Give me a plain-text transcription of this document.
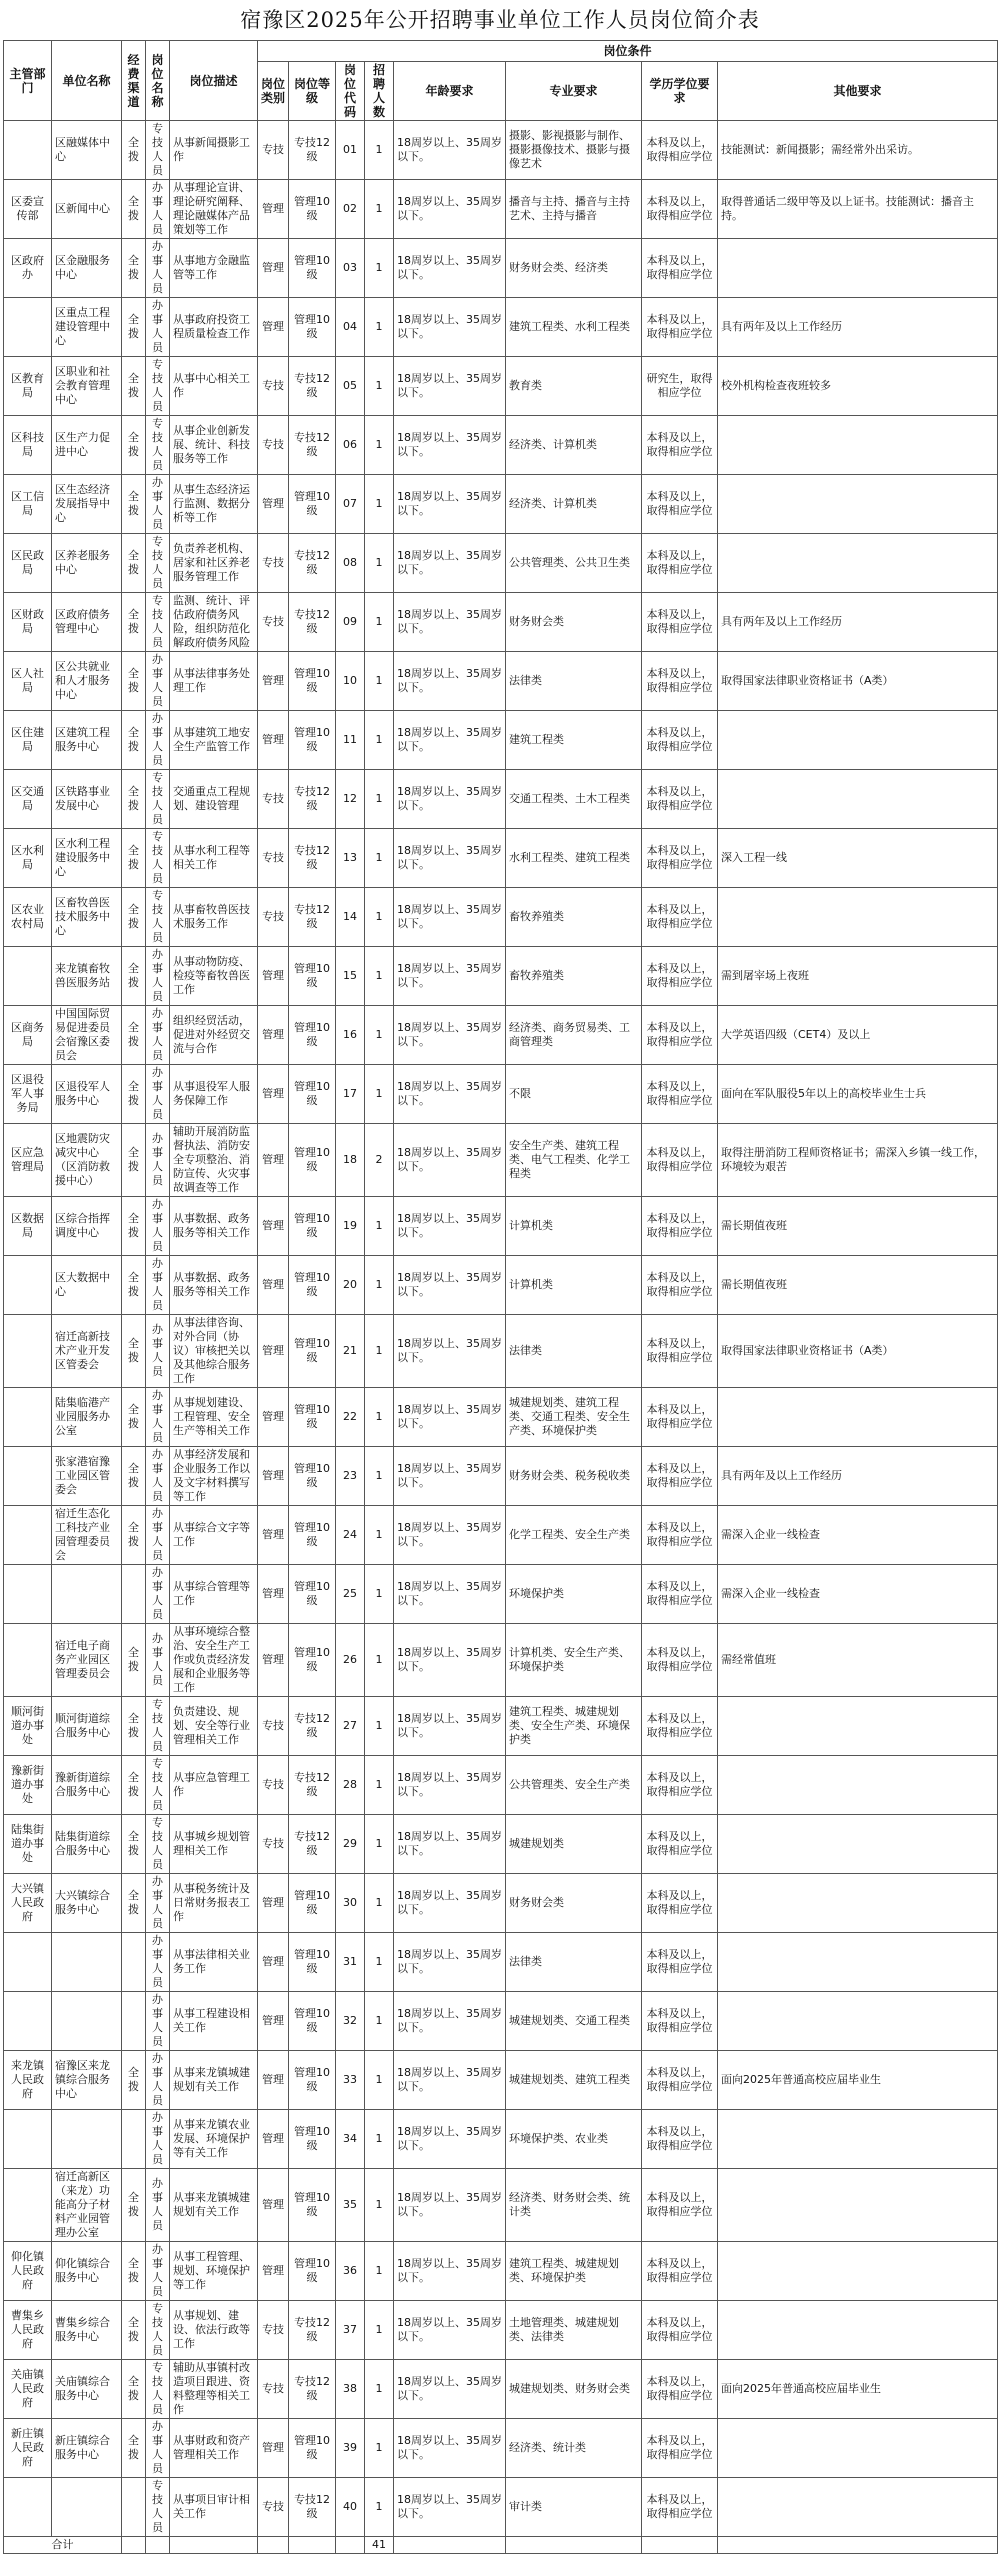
宿豫区2025年公开招聘事业单位工作人员岗位简介表
主管部门	单位名称	经费渠道	岗位名称	岗位描述	岗位条件							
					岗位类别	岗位等级	岗位代码	招聘人数	年龄要求	专业要求	学历学位要求	其他要求
	区融媒体中心	全拨	专技人员	从事新闻摄影工作	专技	专技12级	01	1	18周岁以上、35周岁以下。	摄影、影视摄影与制作、摄影摄像技术、摄影与摄像艺术	本科及以上，取得相应学位	技能测试：新闻摄影；需经常外出采访。
区委宣传部	区新闻中心	全拨	办事人员	从事理论宣讲、理论研究阐释、理论融媒体产品策划等工作	管理	管理10级	02	1	18周岁以上、35周岁以下。	播音与主持、播音与主持艺术、主持与播音	本科及以上，取得相应学位	取得普通话二级甲等及以上证书。技能测试：播音主持。
区政府办	区金融服务中心	全拨	办事人员	从事地方金融监管等工作	管理	管理10级	03	1	18周岁以上、35周岁以下。	财务财会类、经济类	本科及以上，取得相应学位	
	区重点工程建设管理中心	全拨	办事人员	从事政府投资工程质量检查工作	管理	管理10级	04	1	18周岁以上、35周岁以下。	建筑工程类、水利工程类	本科及以上，取得相应学位	具有两年及以上工作经历
区教育局	区职业和社会教育管理中心	全拨	专技人员	从事中心相关工作	专技	专技12级	05	1	18周岁以上、35周岁以下。	教育类	研究生，取得相应学位	校外机构检查夜班较多
区科技局	区生产力促进中心	全拨	专技人员	从事企业创新发展、统计、科技服务等工作	专技	专技12级	06	1	18周岁以上、35周岁以下。	经济类、计算机类	本科及以上，取得相应学位	
区工信局	区生态经济发展指导中心	全拨	办事人员	从事生态经济运行监测、数据分析等工作	管理	管理10级	07	1	18周岁以上、35周岁以下。	经济类、计算机类	本科及以上，取得相应学位	
区民政局	区养老服务中心	全拨	专技人员	负责养老机构、居家和社区养老服务管理工作	专技	专技12级	08	1	18周岁以上、35周岁以下。	公共管理类、公共卫生类	本科及以上，取得相应学位	
区财政局	区政府债务管理中心	全拨	专技人员	监测、统计、评估政府债务风险，组织防范化解政府债务风险	专技	专技12级	09	1	18周岁以上、35周岁以下。	财务财会类	本科及以上，取得相应学位	具有两年及以上工作经历
区人社局	区公共就业和人才服务中心	全拨	办事人员	从事法律事务处理工作	管理	管理10级	10	1	18周岁以上、35周岁以下。	法律类	本科及以上，取得相应学位	取得国家法律职业资格证书（A类）
区住建局	区建筑工程服务中心	全拨	办事人员	从事建筑工地安全生产监管工作	管理	管理10级	11	1	18周岁以上、35周岁以下。	建筑工程类	本科及以上，取得相应学位	
区交通局	区铁路事业发展中心	全拨	专技人员	交通重点工程规划、建设管理	专技	专技12级	12	1	18周岁以上、35周岁以下。	交通工程类、土木工程类	本科及以上，取得相应学位	
区水利局	区水利工程建设服务中心	全拨	专技人员	从事水利工程等相关工作	专技	专技12级	13	1	18周岁以上、35周岁以下。	水利工程类、建筑工程类	本科及以上，取得相应学位	深入工程一线
区农业农村局	区畜牧兽医技术服务中心	全拨	专技人员	从事畜牧兽医技术服务工作	专技	专技12级	14	1	18周岁以上、35周岁以下。	畜牧养殖类	本科及以上，取得相应学位	
	来龙镇畜牧兽医服务站	全拨	办事人员	从事动物防疫、检疫等畜牧兽医工作	管理	管理10级	15	1	18周岁以上、35周岁以下。	畜牧养殖类	本科及以上，取得相应学位	需到屠宰场上夜班
区商务局	中国国际贸易促进委员会宿豫区委员会	全拨	办事人员	组织经贸活动，促进对外经贸交流与合作	管理	管理10级	16	1	18周岁以上、35周岁以下。	经济类、商务贸易类、工商管理类	本科及以上，取得相应学位	大学英语四级（CET4）及以上
区退役军人事务局	区退役军人服务中心	全拨	办事人员	从事退役军人服务保障工作	管理	管理10级	17	1	18周岁以上、35周岁以下。	不限	本科及以上，取得相应学位	面向在军队服役5年以上的高校毕业生士兵
区应急管理局	区地震防灾减灾中心（区消防救援中心）	全拨	办事人员	辅助开展消防监督执法、消防安全专项整治、消防宣传、火灾事故调查等工作	管理	管理10级	18	2	18周岁以上、35周岁以下。	安全生产类、建筑工程类、电气工程类、化学工程类	本科及以上，取得相应学位	取得注册消防工程师资格证书；需深入乡镇一线工作，环境较为艰苦
区数据局	区综合指挥调度中心	全拨	办事人员	从事数据、政务服务等相关工作	管理	管理10级	19	1	18周岁以上、35周岁以下。	计算机类	本科及以上，取得相应学位	需长期值夜班
	区大数据中心	全拨	办事人员	从事数据、政务服务等相关工作	管理	管理10级	20	1	18周岁以上、35周岁以下。	计算机类	本科及以上，取得相应学位	需长期值夜班
	宿迁高新技术产业开发区管委会	全拨	办事人员	从事法律咨询、对外合同（协议）审核把关以及其他综合服务工作	管理	管理10级	21	1	18周岁以上、35周岁以下。	法律类	本科及以上，取得相应学位	取得国家法律职业资格证书（A类）
	陆集临港产业园服务办公室	全拨	办事人员	从事规划建设、工程管理、安全生产等相关工作	管理	管理10级	22	1	18周岁以上、35周岁以下。	城建规划类、建筑工程类、交通工程类、安全生产类、环境保护类	本科及以上，取得相应学位	
	张家港宿豫工业园区管委会	全拨	办事人员	从事经济发展和企业服务工作以及文字材料撰写等工作	管理	管理10级	23	1	18周岁以上、35周岁以下。	财务财会类、税务税收类	本科及以上，取得相应学位	具有两年及以上工作经历
	宿迁生态化工科技产业园管理委员会	全拨	办事人员	从事综合文字等工作	管理	管理10级	24	1	18周岁以上、35周岁以下。	化学工程类、安全生产类	本科及以上，取得相应学位	需深入企业一线检查
			办事人员	从事综合管理等工作	管理	管理10级	25	1	18周岁以上、35周岁以下。	环境保护类	本科及以上，取得相应学位	需深入企业一线检查
	宿迁电子商务产业园区管理委员会	全拨	办事人员	从事环境综合整治、安全生产工作或负责经济发展和企业服务等工作	管理	管理10级	26	1	18周岁以上、35周岁以下。	计算机类、安全生产类、环境保护类	本科及以上，取得相应学位	需经常值班
顺河街道办事处	顺河街道综合服务中心	全拨	专技人员	负责建设、规划、安全等行业管理相关工作	专技	专技12级	27	1	18周岁以上、35周岁以下。	建筑工程类、城建规划类、安全生产类、环境保护类	本科及以上，取得相应学位	
豫新街道办事处	豫新街道综合服务中心	全拨	专技人员	从事应急管理工作	专技	专技12级	28	1	18周岁以上、35周岁以下。	公共管理类、安全生产类	本科及以上，取得相应学位	
陆集街道办事处	陆集街道综合服务中心	全拨	专技人员	从事城乡规划管理相关工作	专技	专技12级	29	1	18周岁以上、35周岁以下。	城建规划类	本科及以上，取得相应学位	
大兴镇人民政府	大兴镇综合服务中心	全拨	办事人员	从事税务统计及日常财务报表工作	管理	管理10级	30	1	18周岁以上、35周岁以下。	财务财会类	本科及以上，取得相应学位	
			办事人员	从事法律相关业务工作	管理	管理10级	31	1	18周岁以上、35周岁以下。	法律类	本科及以上，取得相应学位	
			办事人员	从事工程建设相关工作	管理	管理10级	32	1	18周岁以上、35周岁以下。	城建规划类、交通工程类	本科及以上，取得相应学位	
来龙镇人民政府	宿豫区来龙镇综合服务中心	全拨	办事人员	从事来龙镇城建规划有关工作	管理	管理10级	33	1	18周岁以上、35周岁以下。	城建规划类、建筑工程类	本科及以上，取得相应学位	面向2025年普通高校应届毕业生
			办事人员	从事来龙镇农业发展、环境保护等有关工作	管理	管理10级	34	1	18周岁以上、35周岁以下。	环境保护类、农业类	本科及以上，取得相应学位	
	宿迁高新区（来龙）功能高分子材料产业园管理办公室	全拨	办事人员	从事来龙镇城建规划有关工作	管理	管理10级	35	1	18周岁以上、35周岁以下。	经济类、财务财会类、统计类	本科及以上，取得相应学位	
仰化镇人民政府	仰化镇综合服务中心	全拨	办事人员	从事工程管理、规划、环境保护等工作	管理	管理10级	36	1	18周岁以上、35周岁以下。	建筑工程类、城建规划类、环境保护类	本科及以上，取得相应学位	
曹集乡人民政府	曹集乡综合服务中心	全拨	专技人员	从事规划、建设、依法行政等工作	专技	专技12级	37	1	18周岁以上、35周岁以下。	土地管理类、城建规划类、法律类	本科及以上，取得相应学位	
关庙镇人民政府	关庙镇综合服务中心	全拨	专技人员	辅助从事镇村改造项目跟进、资料整理等相关工作	专技	专技12级	38	1	18周岁以上、35周岁以下。	城建规划类、财务财会类	本科及以上，取得相应学位	面向2025年普通高校应届毕业生
新庄镇人民政府	新庄镇综合服务中心	全拨	办事人员	从事财政和资产管理相关工作	管理	管理10级	39	1	18周岁以上、35周岁以下。	经济类、统计类	本科及以上，取得相应学位	
			专技人员	从事项目审计相关工作	专技	专技12级	40	1	18周岁以上、35周岁以下。	审计类	本科及以上，取得相应学位	
合计								41				
